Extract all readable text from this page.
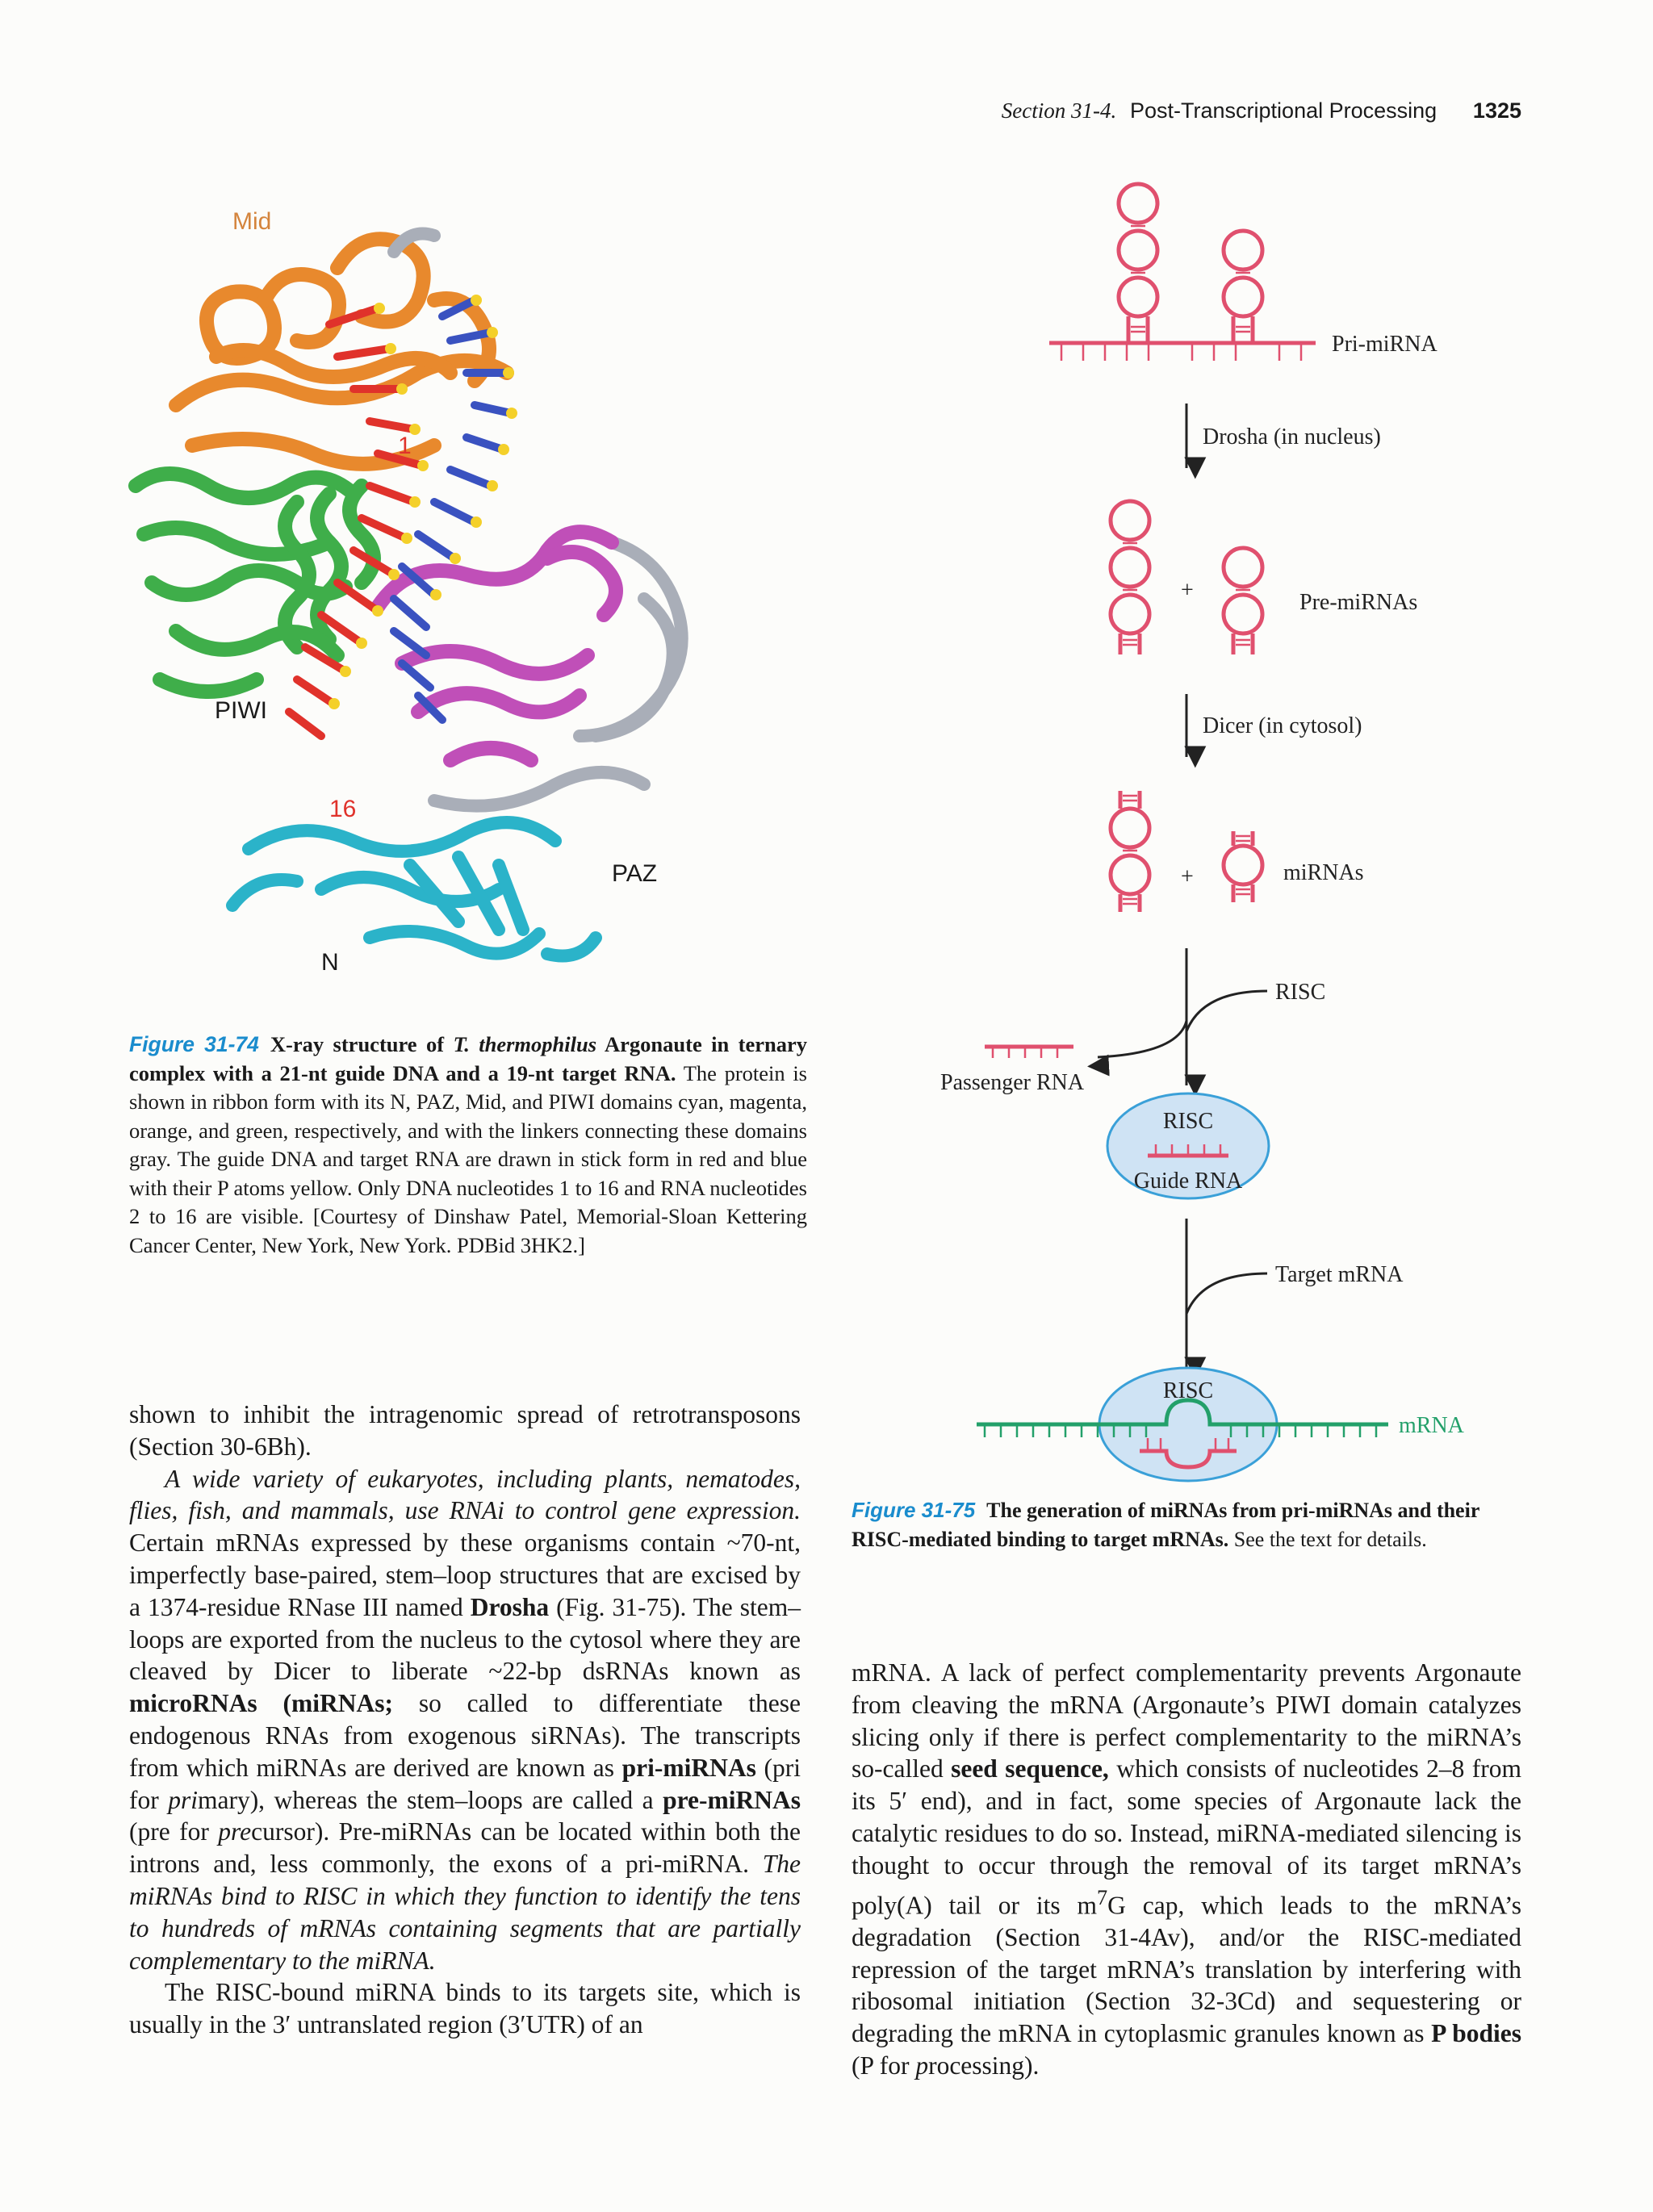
Section 31-4. Post-Transcriptional Processing 1325
Mid
PIWI
PAZ
N
1
16
Figure 31-74 X-ray structure of T. thermophilus Argonaute in ternary complex with a 21-nt guide DNA and a 19-nt target RNA. The protein is shown in ribbon form with its N, PAZ, Mid, and PIWI domains cyan, magenta, orange, and green, respectively, and with the linkers connecting these domains gray. The guide DNA and target RNA are drawn in stick form in red and blue with their P atoms yellow. Only DNA nucleotides 1 to 16 and RNA nucleotides 2 to 16 are visible. [Courtesy of Dinshaw Patel, Memorial-Sloan Kettering Cancer Center, New York, New York. PDBid 3HK2.]
Pri-miRNA
Drosha (in nucleus)
+	Pre-miRNAs
Dicer (in cytosol)
+	miRNAs
RISC
Passenger RNA
RISC
Guide RNA
Target mRNA
RISC
mRNA
Figure 31-75 The generation of miRNAs from pri-miRNAs and their RISC-mediated binding to target mRNAs. See the text for details.

shown to inhibit the intragenomic spread of retrotransposons (Section 30-6Bh).

A wide variety of eukaryotes, including plants, nematodes, flies, fish, and mammals, use RNAi to control gene expression. Certain mRNAs expressed by these organisms contain ~70-nt, imperfectly base-paired, stem–loop structures that are excised by a 1374-residue RNase III named Drosha (Fig. 31-75). The stem–loops are exported from the nucleus to the cytosol where they are cleaved by Dicer to liberate ~22-bp dsRNAs known as microRNAs (miRNAs; so called to differentiate these endogenous RNAs from exogenous siRNAs). The transcripts from which miRNAs are derived are known as pri-miRNAs (pri for primary), whereas the stem–loops are called a pre-miRNAs (pre for precursor). Pre-miRNAs can be located within both the introns and, less commonly, the exons of a pri-miRNA. The miRNAs bind to RISC in which they function to identify the tens to hundreds of mRNAs containing segments that are partially complementary to the miRNA.

The RISC-bound miRNA binds to its targets site, which is usually in the 3′ untranslated region (3′UTR) of an

mRNA. A lack of perfect complementarity prevents Argonaute from cleaving the mRNA (Argonaute’s PIWI domain catalyzes slicing only if there is perfect complementarity to the miRNA’s so-called seed sequence, which consists of nucleotides 2–8 from its 5′ end), and in fact, some species of Argonaute lack the catalytic residues to do so. Instead, miRNA-mediated silencing is thought to occur through the removal of its target mRNA’s poly(A) tail or its $m^7G$ cap, which leads to the mRNA’s degradation (Section 31-4Av), and/or the RISC-mediated repression of the target mRNA’s translation by interfering with ribosomal initiation (Section 32-3Cd) and sequestering or degrading the mRNA in cytoplasmic granules known as P bodies (P for processing).
